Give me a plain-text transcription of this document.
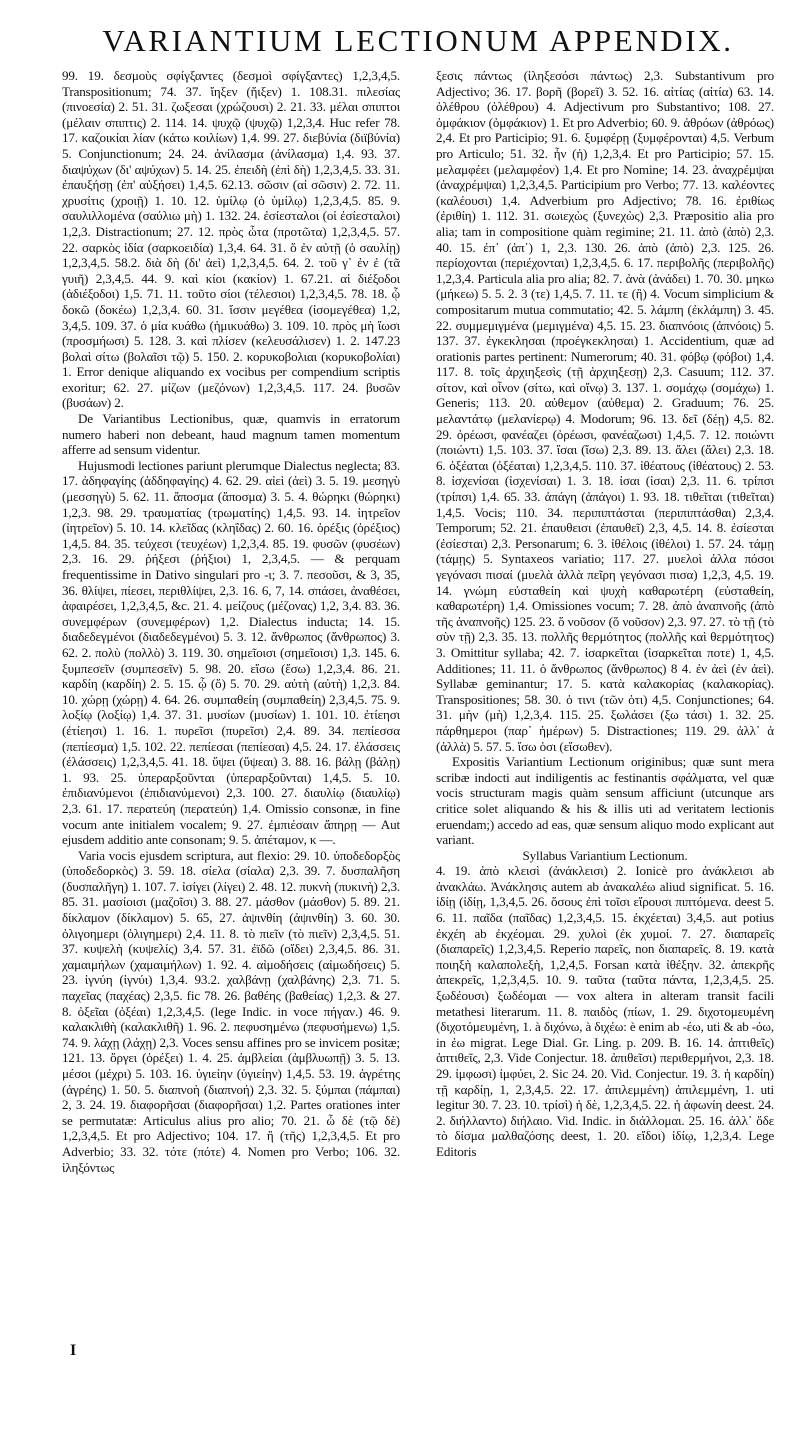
VARIANTIUM LECTIONUM APPENDIX.

99. 19. δεσμοὺς σφίγξαντες (δεσμοὶ σφίγξαντες) 1,2,3,4,5. Transpositionum; 74. 37. ἴηξεν (ἤιξεν) 1. 108.31. πιλεσίας (πινοεσία) 2. 51. 31. ζωξεσαι (χρώζουσι) 2. 21. 33. μέλαι σπιπτοι (μέλαιν σπιπτις) 2. 114. 14. ψυχῷ (ψυχῷ) 1,2,3,4. Huc refer 78. 17. καζοικίαι λίαν (κάτω κοιλίων) 1,4. 99. 27. διεβύνία (διϊβύνία) 5. Conjunctionum; 24. 24. ἀνίλασμα (ἀνίλασμα) 1,4. 93. 37. διαψύχων (δι' αψύχων) 5. 14. 25. ἐπειδὴ (ἐπὶ δὴ) 1,2,3,4,5. 33. 31. ἐπαυξήσῃ (ἐπ' αὐξήσει) 1,4,5. 62.13. σῶσιν (αἰ σῶσιν) 2. 72. 11. χρυσίτις (χροιῇ) 1. 10. 12. ὑμίλῳ (ὁ ὑμίλῳ) 1,2,3,4,5. 85. 9. σαυλιλλομένα (σαύλιω μὴ) 1. 132. 24. ἐσίεσταλοι (οἱ ἐσίεσταλοι) 1,2,3. Distractionum; 27. 12. πρὸς ὦτα (προτῶτα) 1,2,3,4,5. 57. 22. σαρκὸς ἰδία (σαρκοειδία) 1,3,4. 64. 31. ὅ ἐν αὐτῇ (ὁ σαυλίῃ) 1,2,3,4,5. 58.2. διὰ δὴ (δι' ἀεὶ) 1,2,3,4,5. 64. 2. τοῦ γ᾽ ἐν ἐ (τᾶ γυιῆ) 2,3,4,5. 44. 9. καὶ κίοι (κακίον) 1. 67.21. αἱ διέξοδοι (ἀδιέξοδοι) 1,5. 71. 11. τοῦτο σίοι (τέλεσιοι) 1,2,3,4,5. 78. 18. ᾧ δοκῶ (δοκέω) 1,2,3,4. 60. 31. ἴσσιν μεγέθεα (ἰσομεγέθεα) 1,2, 3,4,5. 109. 37. ὁ μία κυάθω (ἡμικυάθω) 3. 109. 10. πρὸς μὴ ἴωσι (προσμήωσι) 5. 128. 3. καὶ πλίσεν (κελευσάλισεν) 1. 2. 147.23 βολαὶ σίτω (βολαῖσι τῷ) 5. 150. 2. κορυκοβολιαι (κορυκοβολίαι) 1. Error denique aliquando ex vocibus per compendium scriptis exoritur; 62. 27. μίζων (μεζόνων) 1,2,3,4,5. 117. 24. βυσῶν (βυσάων) 2.

De Variantibus Lectionibus, quæ, quamvis in erratorum numero haberi non debeant, haud magnum tamen momentum afferre ad sensum videntur.

Hujusmodi lectiones pariunt plerumque Dialectus neglecta; 83. 17. ἀδηφαγίης (ἀδδηφαγίης) 4. 62. 29. αἰεὶ (ἀεὶ) 3. 5. 19. μεσηγὺ (μεσσηγὺ) 5. 62. 11. ἄποσμα (ἄποσμα) 3. 5. 4. θώρηκι (θώρηκι) 1,2,3. 98. 29. τραυματίας (τρωματίης) 1,4,5. 93. 14. ἰητρεῖον (ἰητρεῖον) 5. 10. 14. κλεῖδας (κληΐδας) 2. 60. 16. ὀρέξις (ὀρέξιος) 1,4,5. 84. 35. τεύχεσι (τευχέων) 1,2,3,4. 85. 19. φυσῶν (φυσέων) 2,3. 16. 29. ῥήξεσι (ῥήξιοι) 1, 2,3,4,5. — & perquam frequentissime in Dativo singulari pro -ι; 3. 7. πεσοῦσι, & 3, 35, 36. θλίψει, πίεσει, περιθλίψει, 2,3. 16. 6, 7, 14. σπάσει, ἀναθέσει, ἀφαιρέσει, 1,2,3,4,5, &c. 21. 4. μείζους (μέζονας) 1,2, 3,4. 83. 36. συνεμφέρων (συνεμφέρων) 1,2. Dialectus inducta; 14. 15. διαδεδεγμένοι (διαδεδεγμένοι) 5. 3. 12. ἄνθρωπος (ἄνθρωπος) 3. 62. 2. πολὺ (πολλὸ) 3. 119. 30. σημεῖοισι (σημεῖοισι) 1,3. 145. 6. ξυμπεσεῖν (συμπεσεῖν) 5. 98. 20. εἴσω (ἔσω) 1,2,3,4. 86. 21. καρδίη (καρδίη) 2. 5. 15. ᾧ (ὅ) 5. 70. 29. αὐτὴ (αὐτὴ) 1,2,3. 84. 10. χώρῃ (χώρῃ) 4. 64. 26. συμπαθείη (συμπαθείη) 2,3,4,5. 75. 9. λοξίῳ (λοξίῳ) 1,4. 37. 31. μυσίων (μυσίων) 1. 101. 10. ἐτίεησι (ἐτίεησι) 1. 16. 1. πυρεῖσι (πυρεῖσι) 2,4. 89. 34. πεπίεσσα (πεπίεσμα) 1,5. 102. 22. πεπίεσαι (πεπίεσαι) 4,5. 24. 17. ἐλάσσεις (ἐλάσσεις) 1,2,3,4,5. 41. 18. ὕψει (ὕψεαι) 3. 88. 16. βάλῃ (βάλῃ) 1. 93. 25. ὑπεραρξοῦνται (ὑπεραρξοῦνται) 1,4,5. 5. 10. ἐπιδιανύμενοι (ἐπιδιανύμενοι) 2,3. 100. 27. διαυλίῳ (διαυλίῳ) 2,3. 61. 17. περατεύη (περατεύη) 1,4. Omissio consonæ, in fine vocum ante initialem vocalem; 9. 27. ἐμπιέσαιν ἄπηρῃ — Aut ejusdem additio ante consonam; 9. 5. ἀπέταμον, κ —.

Varia vocis ejusdem scriptura, aut flexio: 29. 10. ὑποδεδορξὸς (ὑποδεδορκὸς) 3. 59. 18. σίελα (σίαλα) 2,3. 39. 7. δυσπαλῆση (δυσπαλῆγη) 1. 107. 7. ἰσίγει (λίγει) 2. 48. 12. πυκνὴ (πυκινὴ) 2,3. 85. 31. μασίοισι (μαζοῖσι) 3. 88. 27. μάσθον (μάσθον) 5. 89. 21. δίκλαμον (δίκλαμον) 5. 65, 27. ἀψινθίη (ἀψινθίη) 3. 60. 30. ὀλιγοημερι (ὀλιγημερι) 2,4. 11. 8. τὸ πιεῖν (τὸ πιεῖν) 2,3,4,5. 51. 37. κυψελὴ (κυψελίς) 3,4. 57. 31. ἐϊδῶ (οἴδει) 2,3,4,5. 86. 31. χαμαιμήλων (χαμαιμήλων) 1. 92. 4. αἰμοδήσεις (αἰμωδήσεις) 5. 23. ἰγνύη (ἰγνύι) 1,3,4. 93.2. χαλβάνῃ (χαλβάνης) 2,3. 71. 5. παχεῖας (παχέας) 2,3,5. fic 78. 26. βαθέης (βαθείας) 1,2,3. & 27. 8. ὀξεῖαι (ὀξέαι) 1,2,3,4,5. (lege Indic. in voce πήγαν.) 46. 9. καλακλιθὴ (καλακλιθῆ) 1. 96. 2. πεφυσημένω (πεφυσήμενω) 1,5. 74. 9. λάχῃ (λάχῃ) 2,3. Voces sensu affines pro se invicem positæ; 121. 13. ὄργει (ὀρέξει) 1. 4. 25. ἀμβλείαι (ἀμβλυωπῇ) 3. 5. 13. μέσοι (μέχρι) 5. 103. 16. ὑγιείην (ὑγιείην) 1,4,5. 53. 19. ἀγρέτης (ἀγρέης) 1. 50. 5. διαπνοὴ (διαπνοή) 2,3. 32. 5. ξύμπαι (πάμπαι) 2, 3. 24. 19. διαφορῆσαι (διαφορῆσαι) 1,2. Partes orationes inter se permutatæ: Articulus alius pro alio; 70. 21. ὦ δὲ (τῷ δὲ) 1,2,3,4,5. Et pro Adjectivo; 104. 17. ἢ (τῆς) 1,2,3,4,5. Et pro Adverbio; 33. 32. τότε (πότε) 4. Nomen pro Verbo; 106. 32. ἰληξόντως

ξεσις πάντως (ἰληξεσόσι πάντως) 2,3. Substantivum pro Adjectivo; 36. 17. βορῆ (βορεῖ) 3. 52. 16. αἰτίας (αἰτία) 63. 14. ὀλέθρου (ὀλέθρου) 4. Adjectivum pro Substantivo; 108. 27. ὀμφάκιον (ὀμφάκιον) 1. Et pro Adverbio; 60. 9. ἀθρόων (ἀθρόως) 2,4. Et pro Participio; 91. 6. ξυμφέρῃ (ξυμφέρονται) 4,5. Verbum pro Articulo; 51. 32. ἦν (ἡ) 1,2,3,4. Et pro Participio; 57. 15. μελαμφέει (μελαμφέον) 1,4. Et pro Nomine; 14. 23. ἀναχρέμψαι (ἀναχρέμψαι) 1,2,3,4,5. Participium pro Verbo; 77. 13. καλέοντες (καλέουσι) 1,4. Adverbium pro Adjectivo; 78. 16. ἐριθίως (ἐριθίη) 1. 112. 31. σωιεχὼς (ξυνεχὼς) 2,3. Præpositio alia pro alia; tam in compositione quàm regimine; 21. 11. ἀπὸ (ἀπὸ) 2,3. 40. 15. ἐπ᾽ (ἀπ᾽) 1, 2,3. 130. 26. ἀπὸ (ἀπὸ) 2,3. 125. 26. περίοχονται (περιέχονται) 1,2,3,4,5. 6. 17. περιβολῆς (περιβολῆς) 1,2,3,4. Particula alia pro alia; 82. 7. ἀνὰ (ἀνάδει) 1. 70. 30. μηκω (μήκεω) 5. 5. 2. 3 (τε) 1,4,5. 7. 11. τε (ἢ) 4. Vocum simplicium & compositarum mutua commutatio; 42. 5. λάμπη (ἐκλάμπη) 3. 45. 22. συμμεμιγμένα (μεμιγμένα) 4,5. 15. 23. διαπνόοις (ἀπνόοις) 5. 137. 37. ἐγκεκλησαι (προέγκεκλησαι) 1. Accidentium, quæ ad orationis partes pertinent: Numerorum; 40. 31. φόβῳ (φόβοι) 1,4. 117. 8. τοῖς ἀρχιηξεσὶς (τῇ ἀρχιηξεσῃ) 2,3. Casuum; 112. 37. σίτον, καὶ οἶνον (σίτω, καὶ οἴνῳ) 3. 137. 1. σομάχῳ (σομάχω) 1. Generis; 113. 20. αὐθεμον (αὐθεμα) 2. Graduum; 76. 25. μελαντάτῳ (μελανίερῳ) 4. Modorum; 96. 13. δεῖ (δέῃ) 4,5. 82. 29. ὀρέωσι, φανέαζει (ὀρέωσι, φανέαζωσι) 1,4,5. 7. 12. ποιώντι (ποιώντι) 1,5. 103. 37. ἴσαι (ἴσω) 2,3. 89. 13. ἄλει (ἄλει) 2,3. 18. 6. ὀξέαται (ὀξέαται) 1,2,3,4,5. 110. 37. ἰθέατους (ἰθέατους) 2. 53. 8. ἰσχενίσαι (ἰσχενίσαι) 1. 3. 18. ἰσαι (ἰσαι) 2,3. 11. 6. τρίπσι (τρίπσι) 1,4. 65. 33. ἀπάγη (ἀπάγοι) 1. 93. 18. τιθεῖται (τιθεῖται) 1,4,5. Vocis; 110. 34. περιπιπτάσται (περιπιπτάσθαι) 2,3,4. Temporum; 52. 21. ἐπαυθεισι (ἐπαυθεῖ) 2,3, 4,5. 14. 8. ἐσίεσται (ἐσίεσται) 2,3. Personarum; 6. 3. ἰθέλοις (ἰθέλοι) 1. 57. 24. τάμῃ (τάμῃς) 5. Syntaxeos variatio; 117. 27. μυελοὶ ἀλλα πόσοι γεγόνασι πισαί (μυελὰ ἀλλὰ πεῖρη γεγόνασι πισα) 1,2,3, 4,5. 19. 14. γνώμη εὐσταθείη καὶ ψυχὴ καθαρωτέρη (εὐσταθείη, καθαρωτέρη) 1,4. Omissiones vocum; 7. 28. ἀπὸ ἀναπνοῆς (ἀπὸ τῆς ἀναπνοῆς) 125. 23. ὅ νοῦσον (ὅ νοῦσον) 2,3. 97. 27. τὸ τῇ (τὸ σὺν τῇ) 2,3. 35. 13. πολλῆς θερμότητος (πολλῆς καὶ θερμότητος) 3. Omittitur syllaba; 42. 7. ἰσαρκεῖται (ἰσαρκεῖται ποτε) 1, 4,5. Additiones; 11. 11. ὁ ἄνθρωπος (ἄνθρωπος) 8 4. ἐν ἀεὶ (ἐν ἀεὶ). Syllabæ geminantur; 17. 5. κατὰ καλακορίας (καλακορίας). Transpositiones; 58. 30. ὁ τινι (τῶν ὁτι) 4,5. Conjunctiones; 64. 31. μὴν (μὴ) 1,2,3,4. 115. 25. ξωλάσει (ξω τάσι) 1. 32. 25. πάρθημεροι (παρ᾽ ἡμέρων) 5. Distractiones; 119. 29. ἀλλ᾽ ἀ (ἀλλὰ) 5. 57. 5. ἴσω ὁσι (εἴσωθεν).

Expositis Variantium Lectionum originibus; quæ sunt mera scribæ indocti aut indiligentis ac festinantis σφάλματα, vel quæ vocis structuram magis quàm sensum afficiunt (utcunque ars critice solet aliquando & his & illis uti ad veritatem lectionis eruendam;) accedo ad eas, quæ sensum aliquo modo explicant aut variant.

Syllabus Variantium Lectionum.

4. 19. ἀπὸ κλεισὶ (ἀνάκλεισι) 2. Ionicè pro ἀνάκλεισι ab ἀνακλάω. Ἀνάκλησις autem ab ἀνακαλέω aliud significat. 5. 16. ἰδίῃ (ἰδίῃ, 1,3,4,5. 26. ὅσους ἐπὶ τοῖσι εἴρουσι πιπτόμενα. deest 5. 6. 11. παῖδα (παῖδας) 1,2,3,4,5. 15. ἐκχέεται) 3,4,5. aut potius ἐκχέη ab ἐκχέομαι. 29. χυλοὶ (ἐκ χυμοί. 7. 27. διαπαρεῖς (διαπαρεῖς) 1,2,3,4,5. Reperio παρεῖς, non διαπαρεῖς. 8. 19. κατὰ ποιηξὴ καλαπολεξὴ, 1,2,4,5. Forsan κατὰ ἰθέξην. 32. ἀπεκρῆς ἀπεκρεῖς, 1,2,3,4,5. 10. 9. ταῦτα (ταῦτα πάντα, 1,2,3,4,5. 25. ξωδέουσι) ξωδέομαι — vox altera in alteram transit facili metathesi literarum. 11. 8. παιδὸς (πίων, 1. 29. διχοτομευμένη (διχοτόμευμένη, 1. à διχόνω, à διχέω: è enim ab -έω, uti & ab -όω, in ἐω migrat. Lege Dial. Gr. Ling. p. 209. B. 16. 14. ἀπτιθεῖς) ἀπτιθεῖς, 2,3. Vide Conjectur. 18. ἀπιθεῖσι) περιθερμήνοι, 2,3. 18. 29. ἰμφωσι) ἰμφύει, 2. Sic 24. 20. Vid. Conjectur. 19. 3. ἡ καρδίη) τῇ καρδίῃ, 1, 2,3,4,5. 22. 17. ἀπιλεμμένη) ἀπιλεμμένη, 1. uti legitur 30. 7. 23. 10. τρίσὶ) ἡ δὲ, 1,2,3,4,5. 22. ἡ ἀφωνίη deest. 24. 2. διήλλαντο) διήλαιο. Vid. Indic. in διάλλομαι. 25. 16. ἀλλ᾽ ὅδε τὸ δίσμα μαλθαζόσης deest, 1. 20. εἴδοι) ἰδίῳ, 1,2,3,4. Lege Editoris

I
